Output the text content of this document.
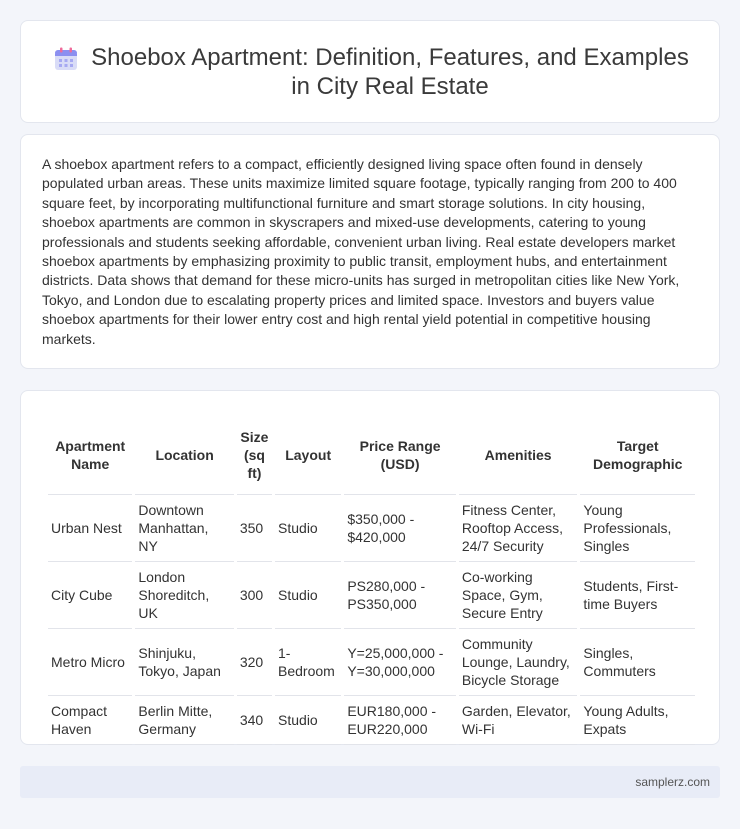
Shoebox Apartment: Definition, Features, and Examples in City Real Estate

A shoebox apartment refers to a compact, efficiently designed living space often found in densely populated urban areas. These units maximize limited square footage, typically ranging from 200 to 400 square feet, by incorporating multifunctional furniture and smart storage solutions. In city housing, shoebox apartments are common in skyscrapers and mixed-use developments, catering to young professionals and students seeking affordable, convenient urban living. Real estate developers market shoebox apartments by emphasizing proximity to public transit, employment hubs, and entertainment districts. Data shows that demand for these micro-units has surged in metropolitan cities like New York, Tokyo, and London due to escalating property prices and limited space. Investors and buyers value shoebox apartments for their lower entry cost and high rental yield potential in competitive housing markets.

Apartment Name	Location	Size (sq ft)	Layout	Price Range (USD)	Amenities	Target Demographic
Urban Nest	Downtown Manhattan, NY	350	Studio	$350,000 - $420,000	Fitness Center, Rooftop Access, 24/7 Security	Young Professionals, Singles
City Cube	London Shoreditch, UK	300	Studio	PS280,000 - PS350,000	Co-working Space, Gym, Secure Entry	Students, First-time Buyers
Metro Micro	Shinjuku, Tokyo, Japan	320	1-Bedroom	Y=25,000,000 - Y=30,000,000	Community Lounge, Laundry, Bicycle Storage	Singles, Commuters
Compact Haven	Berlin Mitte, Germany	340	Studio	EUR180,000 - EUR220,000	Garden, Elevator, Wi-Fi	Young Adults, Expats
samplerz.com
